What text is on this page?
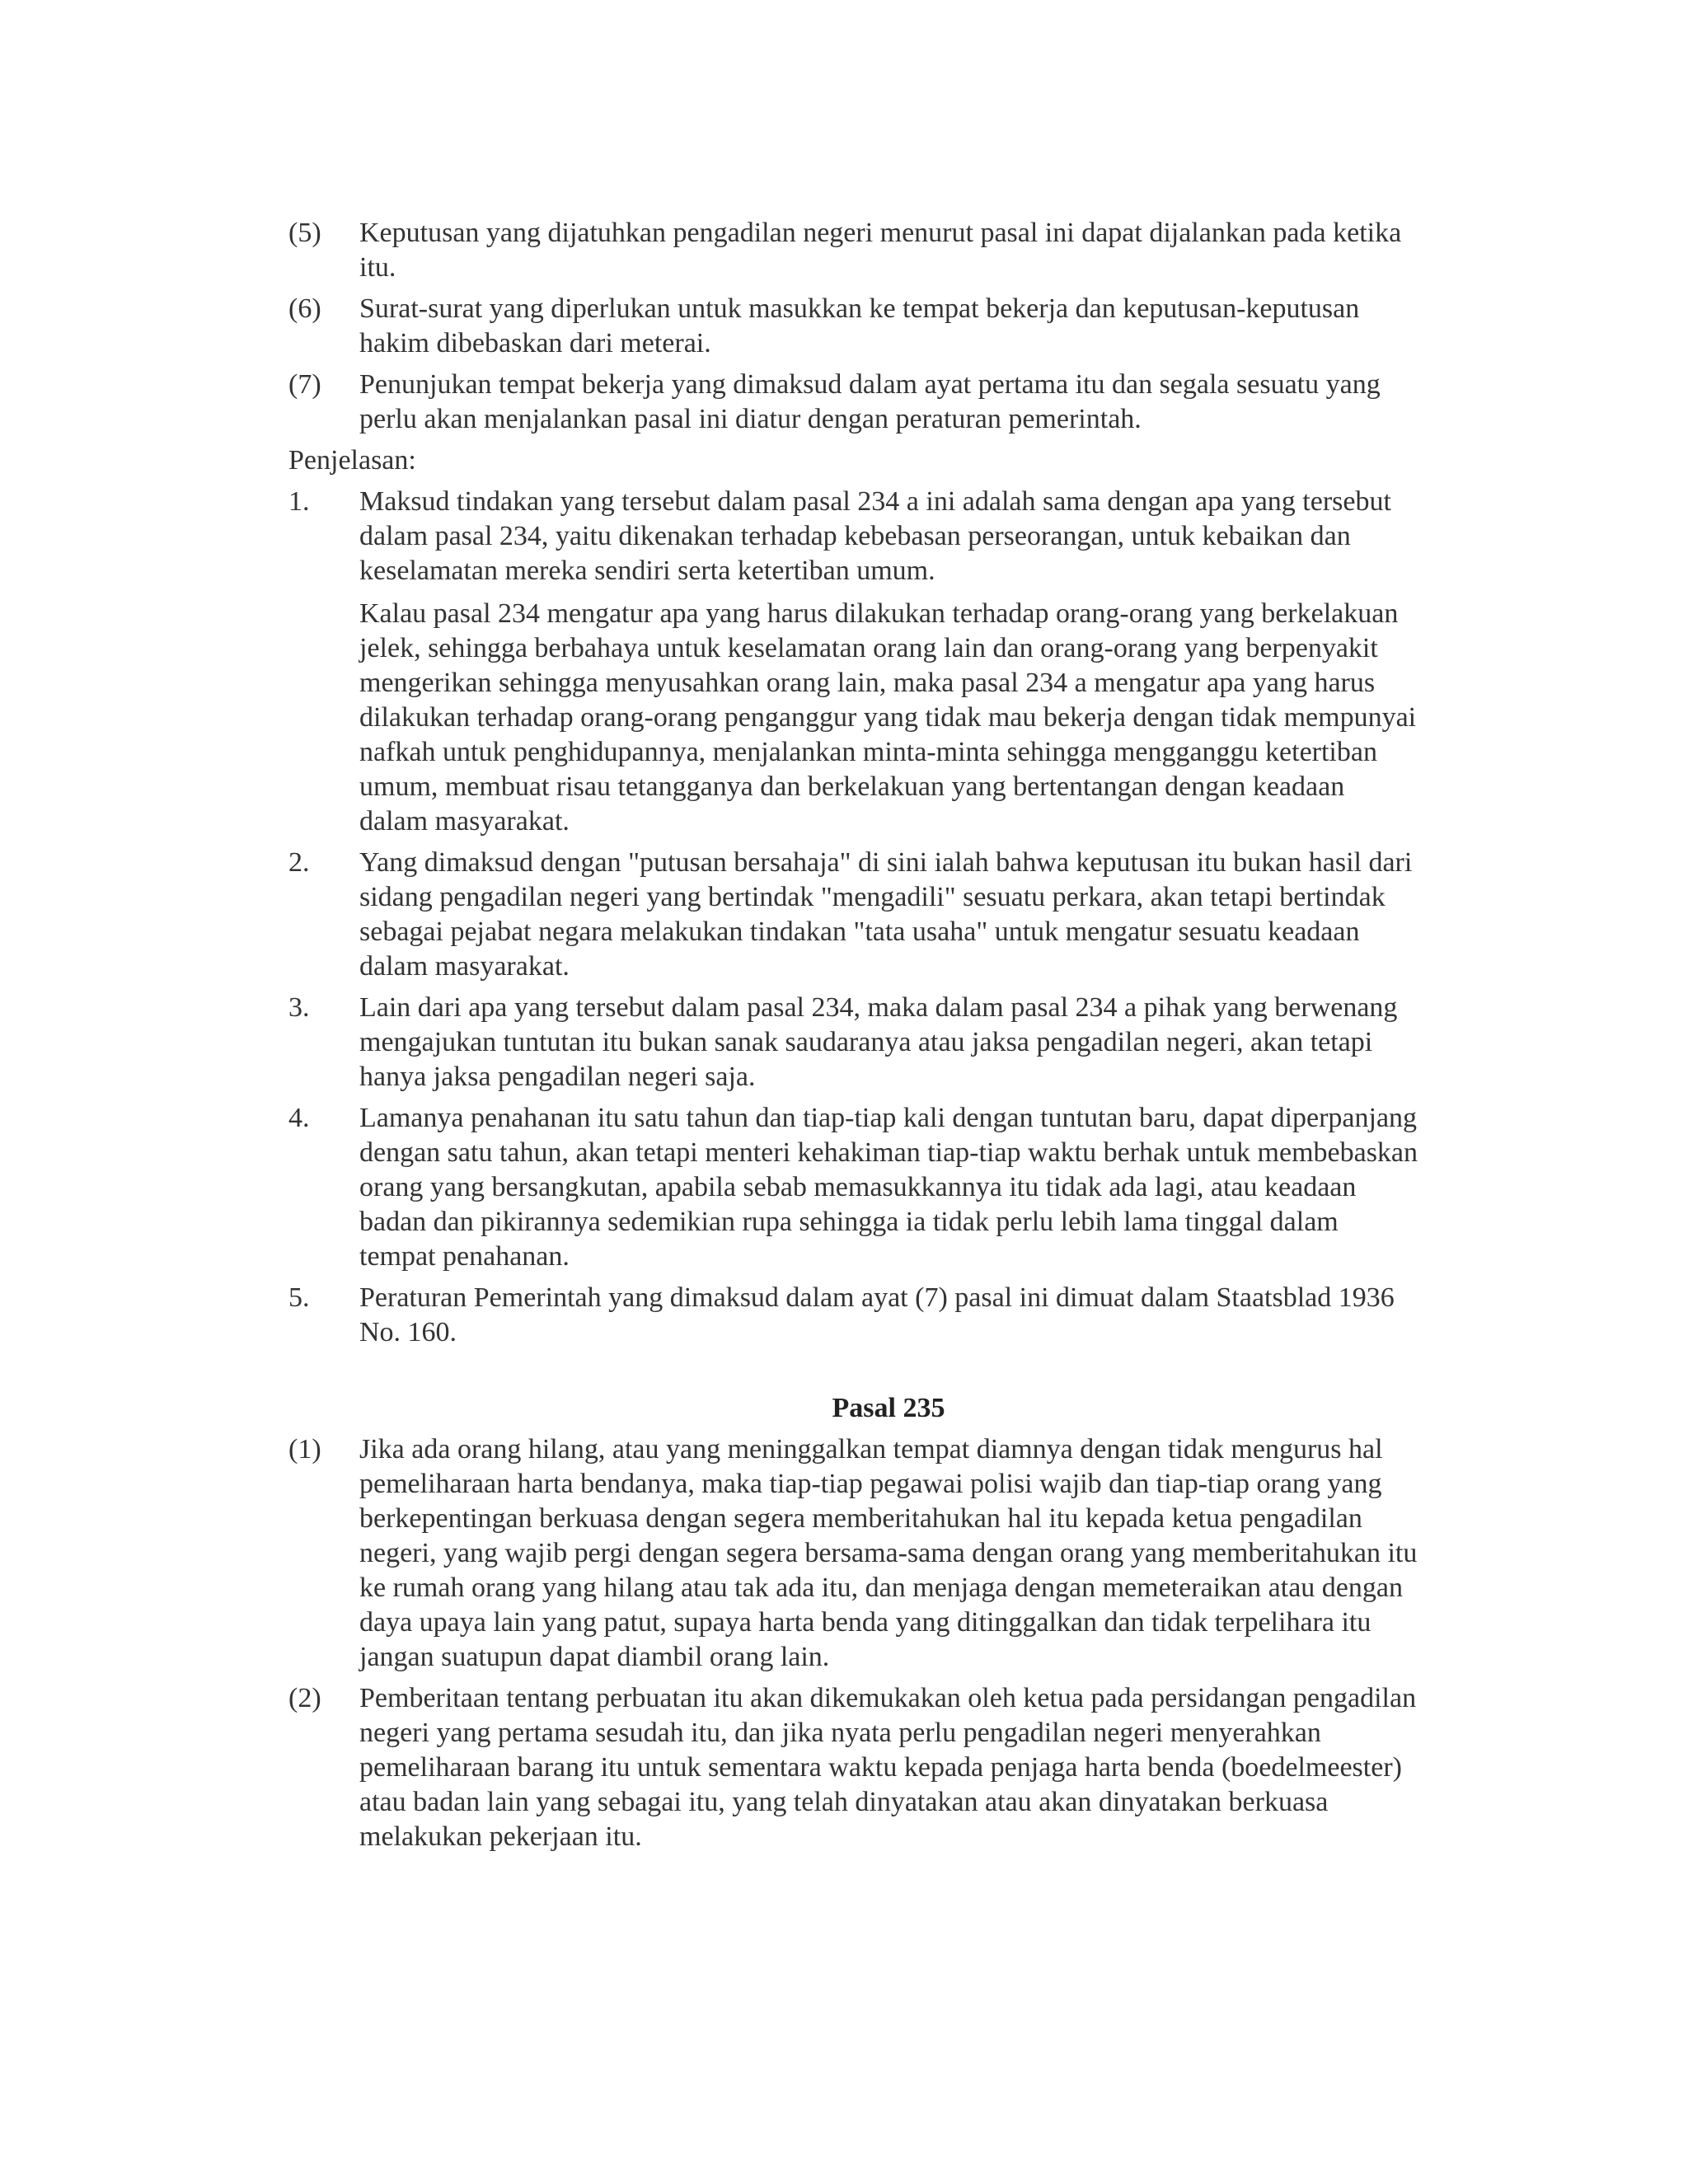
(5)	Keputusan yang dijatuhkan pengadilan negeri menurut pasal ini dapat dijalankan pada ketika itu.

(6)	Surat-surat yang diperlukan untuk masukkan ke tempat bekerja dan keputusan-keputusan hakim dibebaskan dari meterai.

(7)	Penunjukan tempat bekerja yang dimaksud dalam ayat pertama itu dan segala sesuatu yang perlu akan menjalankan pasal ini diatur dengan peraturan pemerintah.

Penjelasan:
1.	Maksud tindakan yang tersebut dalam pasal 234 a ini adalah sama dengan apa yang tersebut dalam pasal 234, yaitu dikenakan terhadap kebebasan perseorangan, untuk kebaikan dan keselamatan mereka sendiri serta ketertiban umum.

Kalau pasal 234 mengatur apa yang harus dilakukan terhadap orang-orang yang berkelakuan jelek, sehingga berbahaya untuk keselamatan orang lain dan orang-orang yang berpenyakit mengerikan sehingga menyusahkan orang lain, maka pasal 234 a mengatur apa yang harus dilakukan terhadap orang-orang penganggur yang tidak mau bekerja dengan tidak mempunyai nafkah untuk penghidupannya, menjalankan minta-minta sehingga mengganggu ketertiban umum, membuat risau tetangganya dan berkelakuan yang bertentangan dengan keadaan dalam masyarakat.

2.	Yang dimaksud dengan "putusan bersahaja" di sini ialah bahwa keputusan itu bukan hasil dari sidang pengadilan negeri yang bertindak "mengadili" sesuatu perkara, akan tetapi bertindak sebagai pejabat negara melakukan tindakan "tata usaha" untuk mengatur sesuatu keadaan dalam masyarakat.

3.	Lain dari apa yang tersebut dalam pasal 234, maka dalam pasal 234 a pihak yang berwenang mengajukan tuntutan itu bukan sanak saudaranya atau jaksa pengadilan negeri, akan tetapi hanya jaksa pengadilan negeri saja.

4.	Lamanya penahanan itu satu tahun dan tiap-tiap kali dengan tuntutan baru, dapat diperpanjang dengan satu tahun, akan tetapi menteri kehakiman tiap-tiap waktu berhak untuk membebaskan orang yang bersangkutan, apabila sebab memasukkannya itu tidak ada lagi, atau keadaan badan dan pikirannya sedemikian rupa sehingga ia tidak perlu lebih lama tinggal dalam tempat penahanan.

5.	Peraturan Pemerintah yang dimaksud dalam ayat (7) pasal ini dimuat dalam Staatsblad 1936 No. 160.

Pasal 235
(1)	Jika ada orang hilang, atau yang meninggalkan tempat diamnya dengan tidak mengurus hal pemeliharaan harta bendanya, maka tiap-tiap pegawai polisi wajib dan tiap-tiap orang yang berkepentingan berkuasa dengan segera memberitahukan hal itu kepada ketua pengadilan negeri, yang wajib pergi dengan segera bersama-sama dengan orang yang memberitahukan itu ke rumah orang yang hilang atau tak ada itu, dan menjaga dengan memeteraikan atau dengan daya upaya lain yang patut, supaya harta benda yang ditinggalkan dan tidak terpelihara itu jangan suatupun dapat diambil orang lain.

(2)	Pemberitaan tentang perbuatan itu akan dikemukakan oleh ketua pada persidangan pengadilan negeri yang pertama sesudah itu, dan jika nyata perlu pengadilan negeri menyerahkan pemeliharaan barang itu untuk sementara waktu kepada penjaga harta benda (boedelmeester) atau badan lain yang sebagai itu, yang telah dinyatakan atau akan dinyatakan berkuasa melakukan pekerjaan itu.
